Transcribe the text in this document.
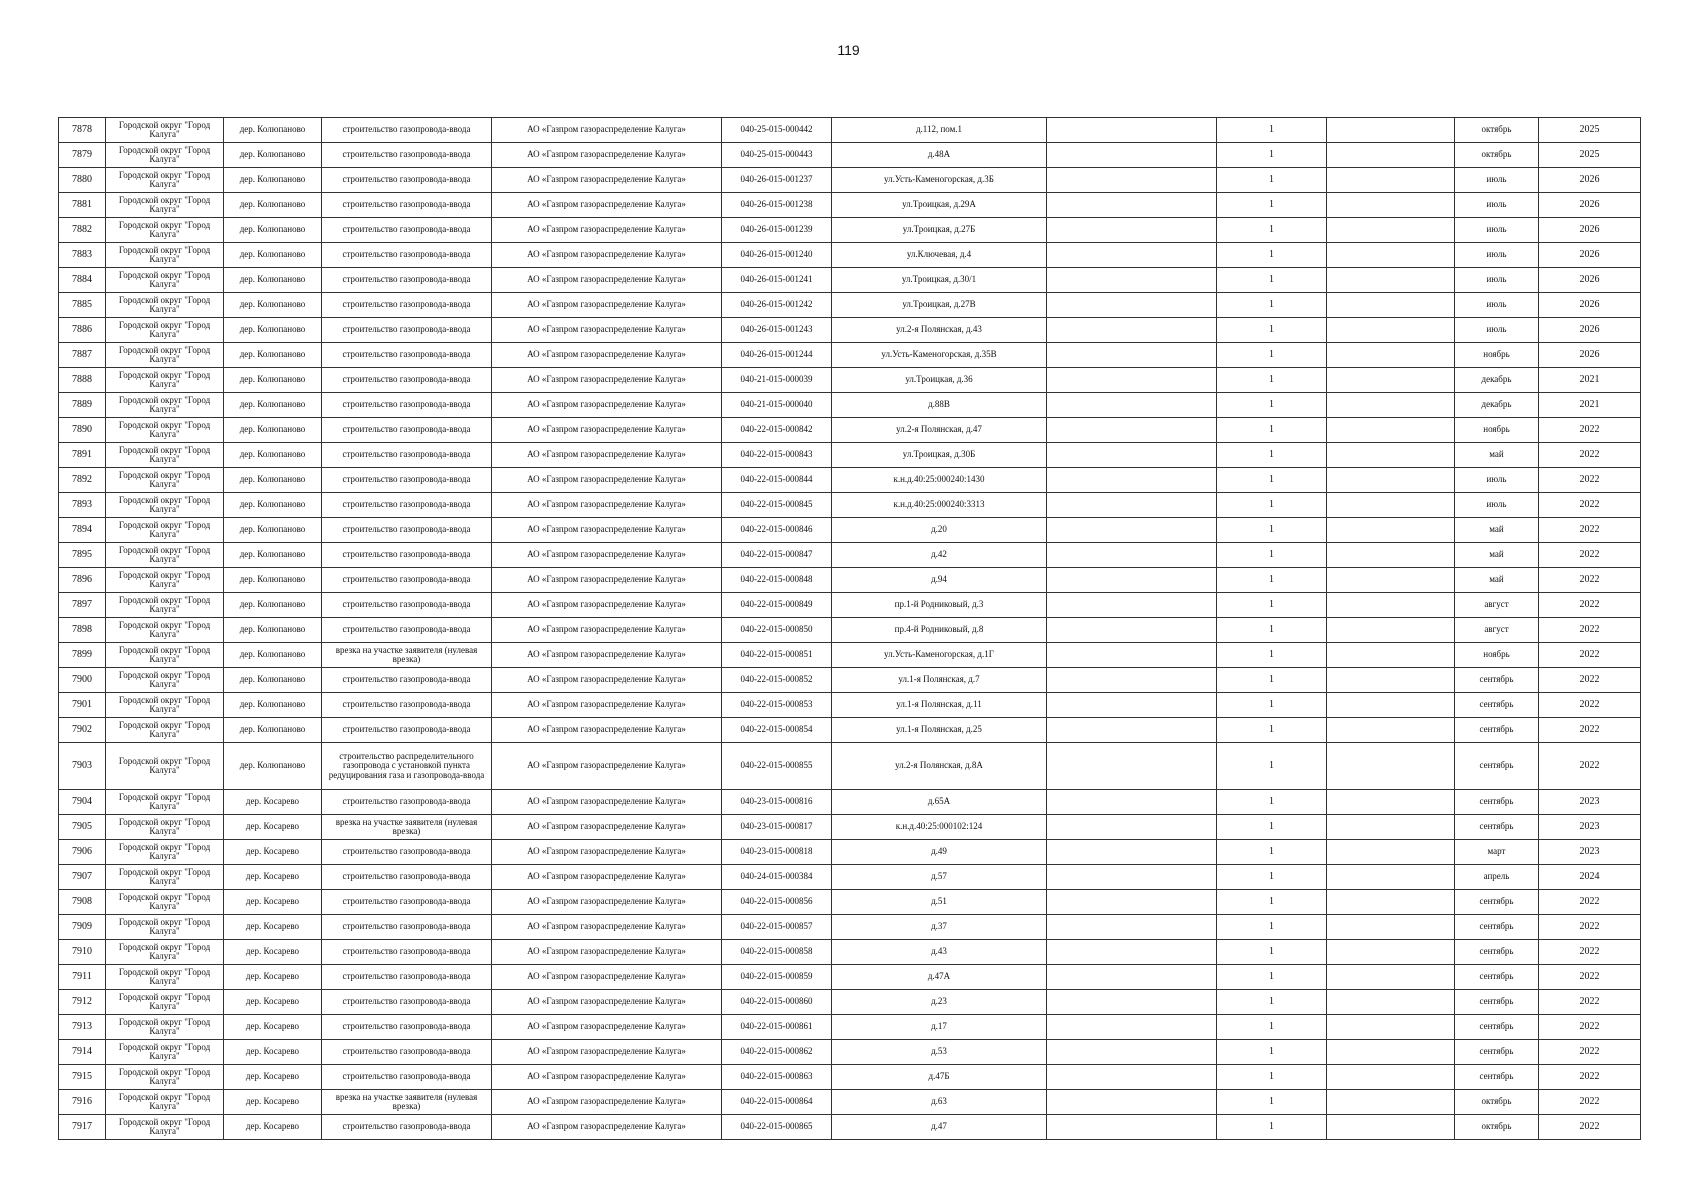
119
7878	Городской округ "Город Калуга"	дер. Колюпаново	строительство газопровода-ввода	АО «Газпром газораспределение Калуга»	040-25-015-000442	д.112, пом.1		1		октябрь	2025
7879	Городской округ "Город Калуга"	дер. Колюпаново	строительство газопровода-ввода	АО «Газпром газораспределение Калуга»	040-25-015-000443	д.48А		1		октябрь	2025
7880	Городской округ "Город Калуга"	дер. Колюпаново	строительство газопровода-ввода	АО «Газпром газораспределение Калуга»	040-26-015-001237	ул.Усть-Каменогорская, д.3Б		1		июль	2026
7881	Городской округ "Город Калуга"	дер. Колюпаново	строительство газопровода-ввода	АО «Газпром газораспределение Калуга»	040-26-015-001238	ул.Троицкая, д.29А		1		июль	2026
7882	Городской округ "Город Калуга"	дер. Колюпаново	строительство газопровода-ввода	АО «Газпром газораспределение Калуга»	040-26-015-001239	ул.Троицкая, д.27Б		1		июль	2026
7883	Городской округ "Город Калуга"	дер. Колюпаново	строительство газопровода-ввода	АО «Газпром газораспределение Калуга»	040-26-015-001240	ул.Ключевая, д.4		1		июль	2026
7884	Городской округ "Город Калуга"	дер. Колюпаново	строительство газопровода-ввода	АО «Газпром газораспределение Калуга»	040-26-015-001241	ул.Троицкая, д.30/1		1		июль	2026
7885	Городской округ "Город Калуга"	дер. Колюпаново	строительство газопровода-ввода	АО «Газпром газораспределение Калуга»	040-26-015-001242	ул.Троицкая, д.27В		1		июль	2026
7886	Городской округ "Город Калуга"	дер. Колюпаново	строительство газопровода-ввода	АО «Газпром газораспределение Калуга»	040-26-015-001243	ул.2-я Полянская, д.43		1		июль	2026
7887	Городской округ "Город Калуга"	дер. Колюпаново	строительство газопровода-ввода	АО «Газпром газораспределение Калуга»	040-26-015-001244	ул.Усть-Каменогорская, д.35В		1		ноябрь	2026
7888	Городской округ "Город Калуга"	дер. Колюпаново	строительство газопровода-ввода	АО «Газпром газораспределение Калуга»	040-21-015-000039	ул.Троицкая, д.36		1		декабрь	2021
7889	Городской округ "Город Калуга"	дер. Колюпаново	строительство газопровода-ввода	АО «Газпром газораспределение Калуга»	040-21-015-000040	д.88В		1		декабрь	2021
7890	Городской округ "Город Калуга"	дер. Колюпаново	строительство газопровода-ввода	АО «Газпром газораспределение Калуга»	040-22-015-000842	ул.2-я Полянская, д.47		1		ноябрь	2022
7891	Городской округ "Город Калуга"	дер. Колюпаново	строительство газопровода-ввода	АО «Газпром газораспределение Калуга»	040-22-015-000843	ул.Троицкая, д.30Б		1		май	2022
7892	Городской округ "Город Калуга"	дер. Колюпаново	строительство газопровода-ввода	АО «Газпром газораспределение Калуга»	040-22-015-000844	к.н.д.40:25:000240:1430		1		июль	2022
7893	Городской округ "Город Калуга"	дер. Колюпаново	строительство газопровода-ввода	АО «Газпром газораспределение Калуга»	040-22-015-000845	к.н.д.40:25:000240:3313		1		июль	2022
7894	Городской округ "Город Калуга"	дер. Колюпаново	строительство газопровода-ввода	АО «Газпром газораспределение Калуга»	040-22-015-000846	д.20		1		май	2022
7895	Городской округ "Город Калуга"	дер. Колюпаново	строительство газопровода-ввода	АО «Газпром газораспределение Калуга»	040-22-015-000847	д.42		1		май	2022
7896	Городской округ "Город Калуга"	дер. Колюпаново	строительство газопровода-ввода	АО «Газпром газораспределение Калуга»	040-22-015-000848	д.94		1		май	2022
7897	Городской округ "Город Калуга"	дер. Колюпаново	строительство газопровода-ввода	АО «Газпром газораспределение Калуга»	040-22-015-000849	пр.1-й Родниковый, д.3		1		август	2022
7898	Городской округ "Город Калуга"	дер. Колюпаново	строительство газопровода-ввода	АО «Газпром газораспределение Калуга»	040-22-015-000850	пр.4-й Родниковый, д.8		1		август	2022
7899	Городской округ "Город Калуга"	дер. Колюпаново	врезка на участке заявителя (нулевая врезка)	АО «Газпром газораспределение Калуга»	040-22-015-000851	ул.Усть-Каменогорская, д.1Г		1		ноябрь	2022
7900	Городской округ "Город Калуга"	дер. Колюпаново	строительство газопровода-ввода	АО «Газпром газораспределение Калуга»	040-22-015-000852	ул.1-я Полянская, д.7		1		сентябрь	2022
7901	Городской округ "Город Калуга"	дер. Колюпаново	строительство газопровода-ввода	АО «Газпром газораспределение Калуга»	040-22-015-000853	ул.1-я Полянская, д.11		1		сентябрь	2022
7902	Городской округ "Город Калуга"	дер. Колюпаново	строительство газопровода-ввода	АО «Газпром газораспределение Калуга»	040-22-015-000854	ул.1-я Полянская, д.25		1		сентябрь	2022
7903	Городской округ "Город Калуга"	дер. Колюпаново	строительство распределительного газопровода с установкой пункта редуцирования газа и газопровода-ввода	АО «Газпром газораспределение Калуга»	040-22-015-000855	ул.2-я Полянская, д.8А		1		сентябрь	2022
7904	Городской округ "Город Калуга"	дер. Косарево	строительство газопровода-ввода	АО «Газпром газораспределение Калуга»	040-23-015-000816	д.65А		1		сентябрь	2023
7905	Городской округ "Город Калуга"	дер. Косарево	врезка на участке заявителя (нулевая врезка)	АО «Газпром газораспределение Калуга»	040-23-015-000817	к.н.д.40:25:000102:124		1		сентябрь	2023
7906	Городской округ "Город Калуга"	дер. Косарево	строительство газопровода-ввода	АО «Газпром газораспределение Калуга»	040-23-015-000818	д.49		1		март	2023
7907	Городской округ "Город Калуга"	дер. Косарево	строительство газопровода-ввода	АО «Газпром газораспределение Калуга»	040-24-015-000384	д.57		1		апрель	2024
7908	Городской округ "Город Калуга"	дер. Косарево	строительство газопровода-ввода	АО «Газпром газораспределение Калуга»	040-22-015-000856	д.51		1		сентябрь	2022
7909	Городской округ "Город Калуга"	дер. Косарево	строительство газопровода-ввода	АО «Газпром газораспределение Калуга»	040-22-015-000857	д.37		1		сентябрь	2022
7910	Городской округ "Город Калуга"	дер. Косарево	строительство газопровода-ввода	АО «Газпром газораспределение Калуга»	040-22-015-000858	д.43		1		сентябрь	2022
7911	Городской округ "Город Калуга"	дер. Косарево	строительство газопровода-ввода	АО «Газпром газораспределение Калуга»	040-22-015-000859	д.47А		1		сентябрь	2022
7912	Городской округ "Город Калуга"	дер. Косарево	строительство газопровода-ввода	АО «Газпром газораспределение Калуга»	040-22-015-000860	д.23		1		сентябрь	2022
7913	Городской округ "Город Калуга"	дер. Косарево	строительство газопровода-ввода	АО «Газпром газораспределение Калуга»	040-22-015-000861	д.17		1		сентябрь	2022
7914	Городской округ "Город Калуга"	дер. Косарево	строительство газопровода-ввода	АО «Газпром газораспределение Калуга»	040-22-015-000862	д.53		1		сентябрь	2022
7915	Городской округ "Город Калуга"	дер. Косарево	строительство газопровода-ввода	АО «Газпром газораспределение Калуга»	040-22-015-000863	д.47Б		1		сентябрь	2022
7916	Городской округ "Город Калуга"	дер. Косарево	врезка на участке заявителя (нулевая врезка)	АО «Газпром газораспределение Калуга»	040-22-015-000864	д.63		1		октябрь	2022
7917	Городской округ "Город Калуга"	дер. Косарево	строительство газопровода-ввода	АО «Газпром газораспределение Калуга»	040-22-015-000865	д.47		1		октябрь	2022
